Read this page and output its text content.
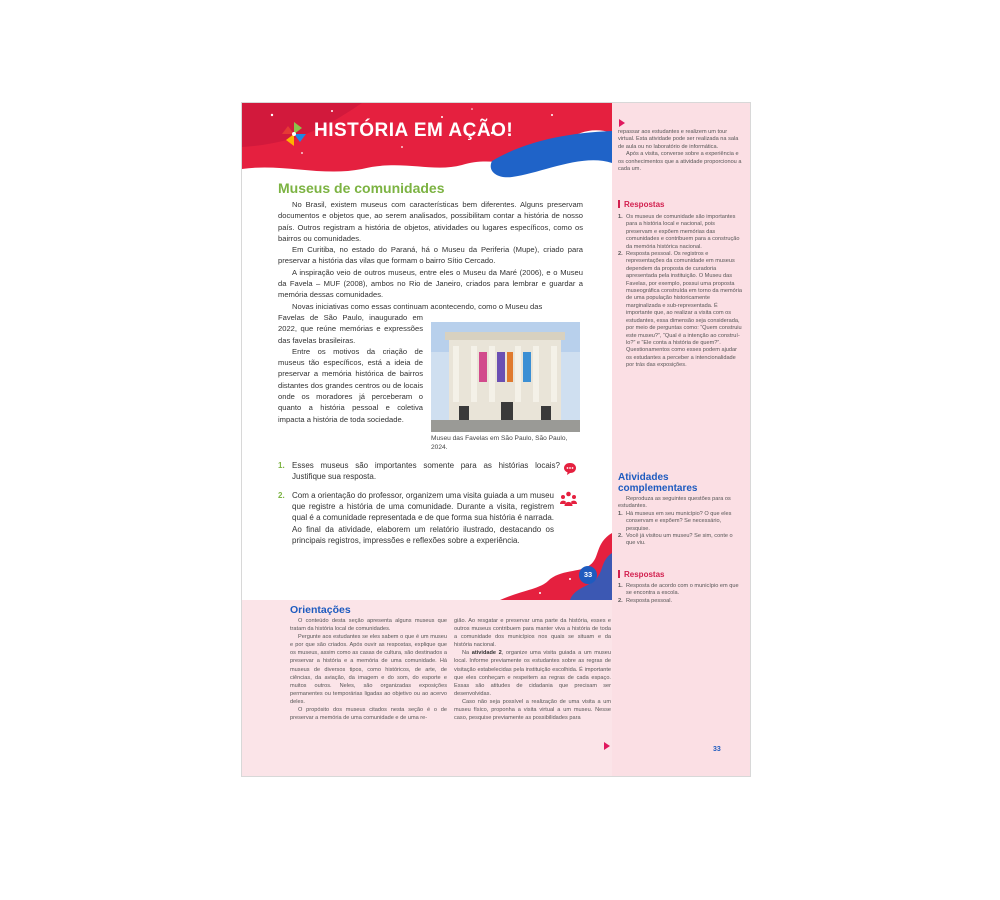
HISTÓRIA EM AÇÃO!
Museus de comunidades

No Brasil, existem museus com características bem diferentes. Alguns preservam documentos e objetos que, ao serem analisados, possibilitam contar a história de nosso país. Outros registram a história de objetos, atividades ou lugares específicos, como os bairros ou comunidades.

Em Curitiba, no estado do Paraná, há o Museu da Periferia (Mupe), criado para preservar a história das vilas que formam o bairro Sítio Cercado.

A inspiração veio de outros museus, entre eles o Museu da Maré (2006), e o Museu da Favela – MUF (2008), ambos no Rio de Janeiro, criados para lembrar e guardar a memória dessas comunidades.

Novas iniciativas como essas continuam acontecendo, como o Museu das

Favelas de São Paulo, inaugurado em 2022, que reúne memórias e expressões das favelas brasileiras.

Entre os motivos da criação de museus tão específicos, está a ideia de preservar a memória histórica de bairros distantes dos grandes centros ou de locais onde os moradores já perceberam o quanto a história pessoal e coletiva impacta a história de toda sociedade.

Museu das Favelas em São Paulo, São Paulo, 2024.
1. Esses museus são importantes somente para as histórias locais? Justifique sua resposta.
2. Com a orientação do professor, organizem uma visita guiada a um museu que registre a história de uma comunidade. Durante a visita, registrem qual é a comunidade representada e de que forma sua história é narrada. Ao final da atividade, elaborem um relatório ilustrado, destacando os principais registros, impressões e reflexões sobre a experiência.
33
Orientações

O conteúdo desta seção apresenta alguns museus que tratam da história local de comunidades.

Pergunte aos estudantes se eles sabem o que é um museu e por que são criados. Após ouvir as respostas, explique que os museus, assim como as casas de cultura, são destinados a preservar a história e a memória de uma comunidade. Há museus de diversos tipos, como históricos, de arte, de ciências, da aviação, da imagem e do som, do esporte e muitos outros. Neles, são organizadas exposições permanentes ou temporárias ligadas ao objetivo ou ao acervo deles.

O propósito dos museus citados nesta seção é o de preservar a memória de uma comunidade e de uma re-

gião. Ao resgatar e preservar uma parte da história, esses e outros museus contribuem para manter viva a história de toda a comunidade dos municípios nos quais se situam e da história nacional.

Na atividade 2, organize uma visita guiada a um museu local. Informe previamente os estudantes sobre as regras de visitação estabelecidas pela instituição escolhida. É importante que eles conheçam e respeitem as regras de cada espaço. Essas são atitudes de cidadania que precisam ser desenvolvidas.

Caso não seja possível a realização de uma visita a um museu físico, proponha a visita virtual a um museu. Nesse caso, pesquise previamente as possibilidades para

repassar aos estudantes e realizem um tour virtual. Esta atividade pode ser realizada na sala de aula ou no laboratório de informática.

Após a visita, converse sobre a experiência e os conhecimentos que a atividade proporcionou a cada um.

Respostas
1. Os museus de comunidade são importantes para a história local e nacional, pois preservam e expõem memórias das comunidades e contribuem para a construção da memória histórica nacional.
2. Resposta pessoal. Os registros e representações da comunidade em museus dependem da proposta de curadoria apresentada pela instituição. O Museu das Favelas, por exemplo, possui uma proposta museográfica construída em torno da memória de uma população historicamente marginalizada e sub-representada. É importante que, ao realizar a visita com os estudantes, essa dimensão seja considerada, por meio de perguntas como: “Quem construiu este museu?”, “Qual é a intenção ao construí-lo?” e “Ele conta a história de quem?”. Questionamentos como esses podem ajudar os estudantes a perceber a intencionalidade por trás das exposições.
Atividades complementares

Reproduza as seguintes questões para os estudantes.

1. Há museus em seu município? O que eles conservam e expõem? Se necessário, pesquise.
2. Você já visitou um museu? Se sim, conte o que viu.
Respostas
1. Resposta de acordo com o município em que se encontra a escola.
2. Resposta pessoal.
33
